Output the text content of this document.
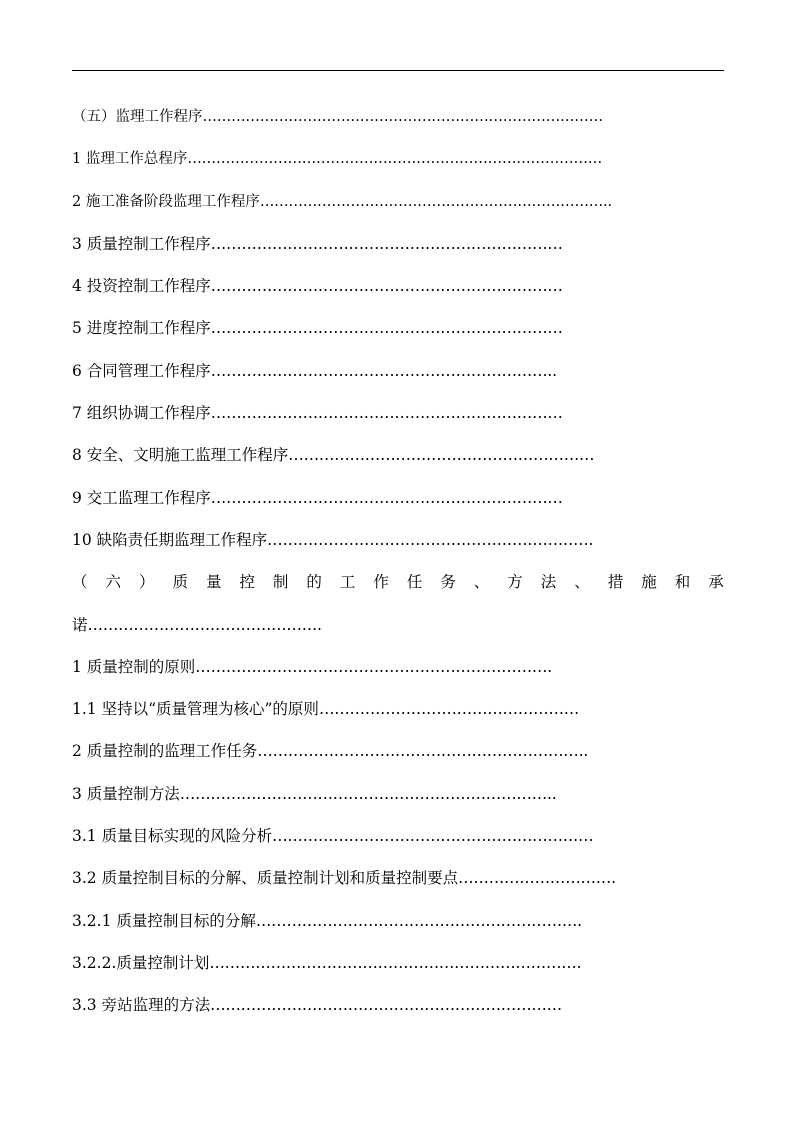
（五）监理工作程序…………………………………………………………………………
1 监理工作总程序……………………………………………………………………………
2 施工准备阶段监理工作程序………………………………………………………………..
3 质量控制工作程序……………………………………………………………
4 投资控制工作程序……………………………………………………………
5 进度控制工作程序……………………………………………………………
6 合同管理工作程序…………………………………………………………..
7 组织协调工作程序……………………………………………………………
8 安全、文明施工监理工作程序……………………………………………………
9 交工监理工作程序……………………………………………………………
10 缺陷责任期监理工作程序……………………………………………………….
（ 六 ） 质 量 控 制 的 工 作 任 务 、 方 法 、 措 施 和 承
诺……………………………………….
1 质量控制的原则…………………………………………………………….
1.1 坚持以“质量管理为核心”的原则……………………………………………
2 质量控制的监理工作任务………………………………………………………..
3 质量控制方法………………………………………………………………..
3.1 质量目标实现的风险分析………………………………………………………
3.2 质量控制目标的分解、质量控制计划和质量控制要点………………………….
3.2.1 质量控制目标的分解……………………………………………………….
3.2.2.质量控制计划……………………………………………………………….
3.3 旁站监理的方法……………………………………………………………
